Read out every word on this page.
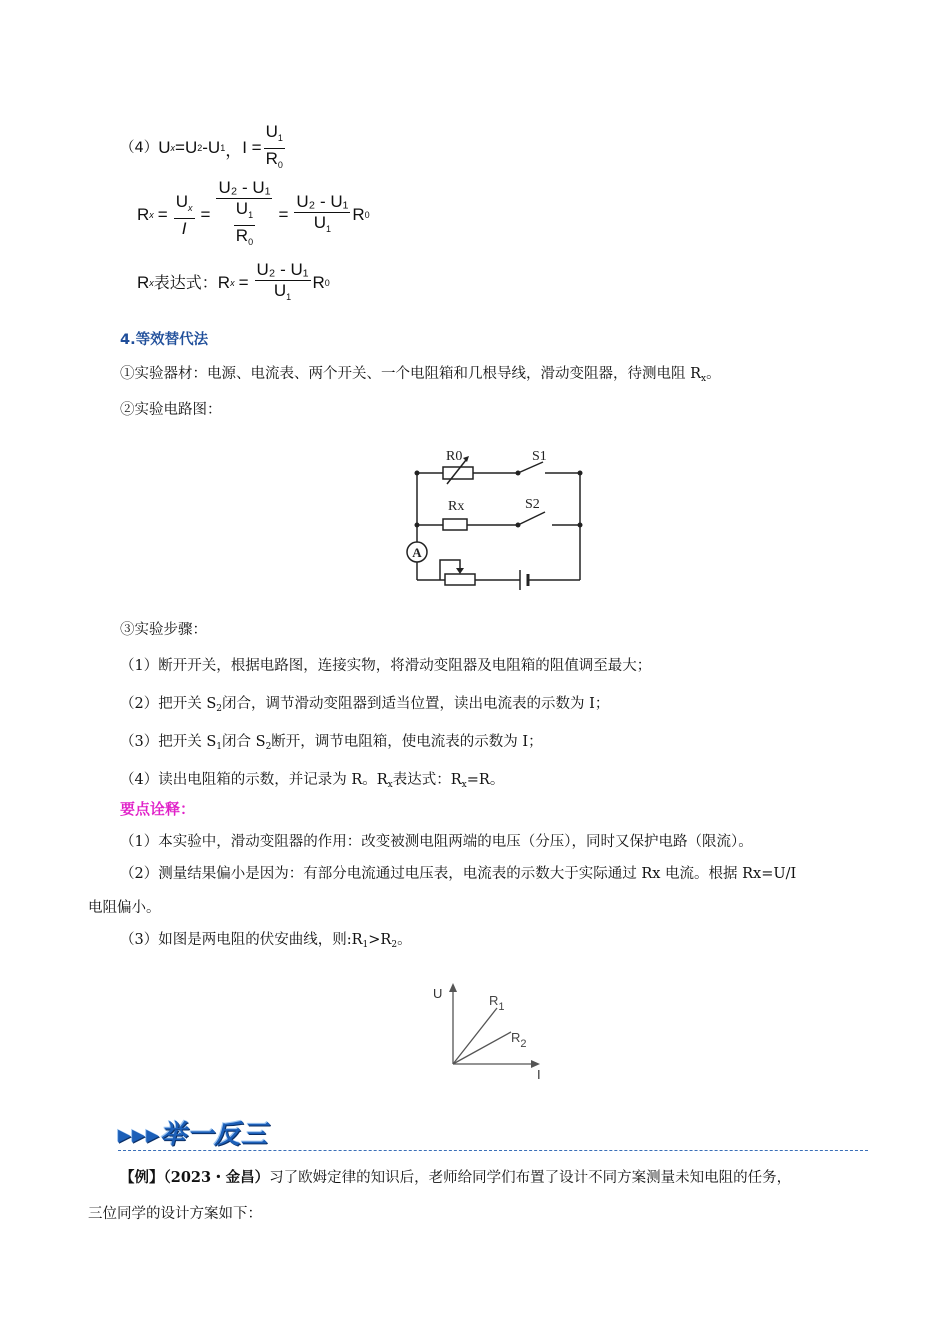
（4） U x = U 2 - U 1 ， $I = \frac{U_1}{R_0}$
R $x = \frac{U_x}{I} = \frac{\text{U₂ - U₁}}{\frac{U_1}{R_0}} = \frac{\text{U₂ - U₁}}{U_1}$ R 0
R x 表达式： R $x = \frac{\text{U₂ - U₁}}{U_1}$ R 0
4.等效替代法
①实验器材：电源、电流表、两个开关、一个电阻箱和几根导线，滑动变阻器，待测电阻 $R_x$。
②实验电路图：
A
R0	S1
Rx	S2
③实验步骤：
（1）断开开关，根据电路图，连接实物，将滑动变阻器及电阻箱的阻值调至最大；
（2）把开关 $S_2$闭合，调节滑动变阻器到适当位置，读出电流表的示数为 I；
（3）把开关 $S_1$闭合 $S_2$断开，调节电阻箱，使电流表的示数为 I；
（4）读出电阻箱的示数，并记录为 R。$R_x$表达式：$R_x=R$。
要点诠释：
（1）本实验中，滑动变阻器的作用：改变被测电阻两端的电压（分压），同时又保护电路（限流）。
（2）测量结果偏小是因为：有部分电流通过电压表，电流表的示数大于实际通过 Rx 电流。根据 Rx=U/I
电阻偏小。
（3）如图是两电阻的伏安曲线，则$:R_1>R_2$。
U
I
$R_1$
$R_2$
▸▸▸举一反三
【例】（2023・金昌）习了欧姆定律的知识后，老师给同学们布置了设计不同方案测量未知电阻的任务，
三位同学的设计方案如下：
